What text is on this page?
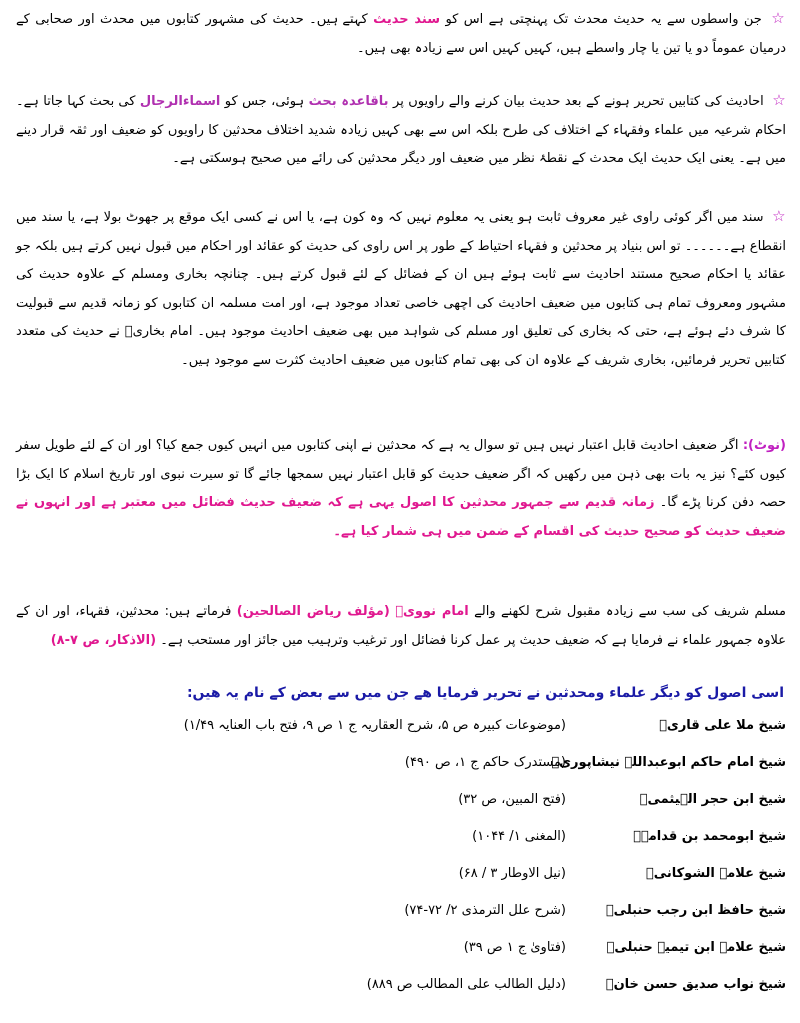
☆ جن واسطوں سے یہ حدیث محدث تک پہنچتی ہے اس کو سند حدیث کہتے ہیں۔ حدیث کی مشہور کتابوں میں محدث اور صحابی کے درمیان عموماً دو یا تین یا چار واسطے ہیں، کہیں کہیں اس سے زیادہ بھی ہیں۔
☆ احادیث کی کتابیں تحریر ہونے کے بعد حدیث بیان کرنے والے راویوں پر باقاعدہ بحث ہوئی، جس کو اسماءالرجال کی بحث کہا جاتا ہے۔ احکام شرعیہ میں علماء وفقہاء کے اختلاف کی طرح بلکہ اس سے بھی کہیں زیادہ شدید اختلاف محدثین کا راویوں کو ضعیف اور ثقہ قرار دینے میں ہے۔ یعنی ایک حدیث ایک محدث کے نقطۂ نظر میں ضعیف اور دیگر محدثین کی رائے میں صحیح ہوسکتی ہے۔
☆ سند میں اگر کوئی راوی غیر معروف ثابت ہو یعنی یہ معلوم نہیں کہ وہ کون ہے، یا اس نے کسی ایک موقع پر جھوٹ بولا ہے، یا سند میں انقطاع ہے۔۔۔۔۔۔ تو اس بنیاد پر محدثین و فقہاء احتیاط کے طور پر اس راوی کی حدیث کو عقائد اور احکام میں قبول نہیں کرتے ہیں بلکہ جو عقائد یا احکام صحیح مستند احادیث سے ثابت ہوئے ہیں ان کے فضائل کے لئے قبول کرتے ہیں۔ چنانچہ بخاری ومسلم کے علاوہ حدیث کی مشہور ومعروف تمام ہی کتابوں میں ضعیف احادیث کی اچھی خاصی تعداد موجود ہے، اور امت مسلمہ ان کتابوں کو زمانہ قدیم سے قبولیت کا شرف دئے ہوئے ہے، حتی کہ بخاری کی تعلیق اور مسلم کی شواہد میں بھی ضعیف احادیث موجود ہیں۔ امام بخاریؒ نے حدیث کی متعدد کتابیں تحریر فرمائیں، بخاری شریف کے علاوہ ان کی بھی تمام کتابوں میں ضعیف احادیث کثرت سے موجود ہیں۔
(نوٹ): اگر ضعیف احادیث قابل اعتبار نہیں ہیں تو سوال یہ ہے کہ محدثین نے اپنی کتابوں میں انہیں کیوں جمع کیا؟ اور ان کے لئے طویل سفر کیوں کئے؟ نیز یہ بات بھی ذہن میں رکھیں کہ اگر ضعیف حدیث کو قابل اعتبار نہیں سمجھا جائے گا تو سیرت نبوی اور تاریخ اسلام کا ایک بڑا حصہ دفن کرنا پڑے گا۔ زمانہ قدیم سے جمہور محدثین کا اصول یہی ہے کہ ضعیف حدیث فضائل میں معتبر ہے اور انہوں نے ضعیف حدیث کو صحیح حدیث کی اقسام کے ضمن میں ہی شمار کیا ہے۔
مسلم شریف کی سب سے زیادہ مقبول شرح لکھنے والے امام نوویؒ (مؤلف ریاض الصالحین) فرماتے ہیں: محدثین، فقہاء، اور ان کے علاوہ جمہور علماء نے فرمایا ہے کہ ضعیف حدیث پر عمل کرنا فضائل اور ترغیب وترہیب میں جائز اور مستحب ہے۔ (الاذکار، ص ۷-۸)
اسی اصول کو دیگر علماء ومحدثین نے تحریر فرمایا ھے جن میں سے بعض کے نام یہ ھیں:
شیخ ملا علی قاریؒ
(موضوعات کبیرہ ص ۵، شرح العقاریہ ج ۱ ص ۹، فتح باب العنایہ ۱/۴۹)
شیخ امام حاکم ابوعبداللہ نیشاپوریؒ
(مستدرک حاکم ج ۱، ص ۴۹۰)
شیخ ابن حجر الہیثمیؒ
(فتح المبین، ص ۳۲)
شیخ ابومحمد بن قدامہؒ
(المغنی ۱/ ۱۰۴۴)
شیخ علامہ الشوکانیؒ
(نیل الاوطار ۳ / ۶۸)
شیخ حافظ ابن رجب حنبلیؒ
(شرح علل الترمذی ۲/ ۷۲-۷۴)
شیخ علامہ ابن تیمیہ حنبلیؒ
(فتاویٰ ج ۱ ص ۳۹)
شیخ نواب صدیق حسن خانؒ
(دلیل الطالب علی المطالب ص ۸۸۹)
